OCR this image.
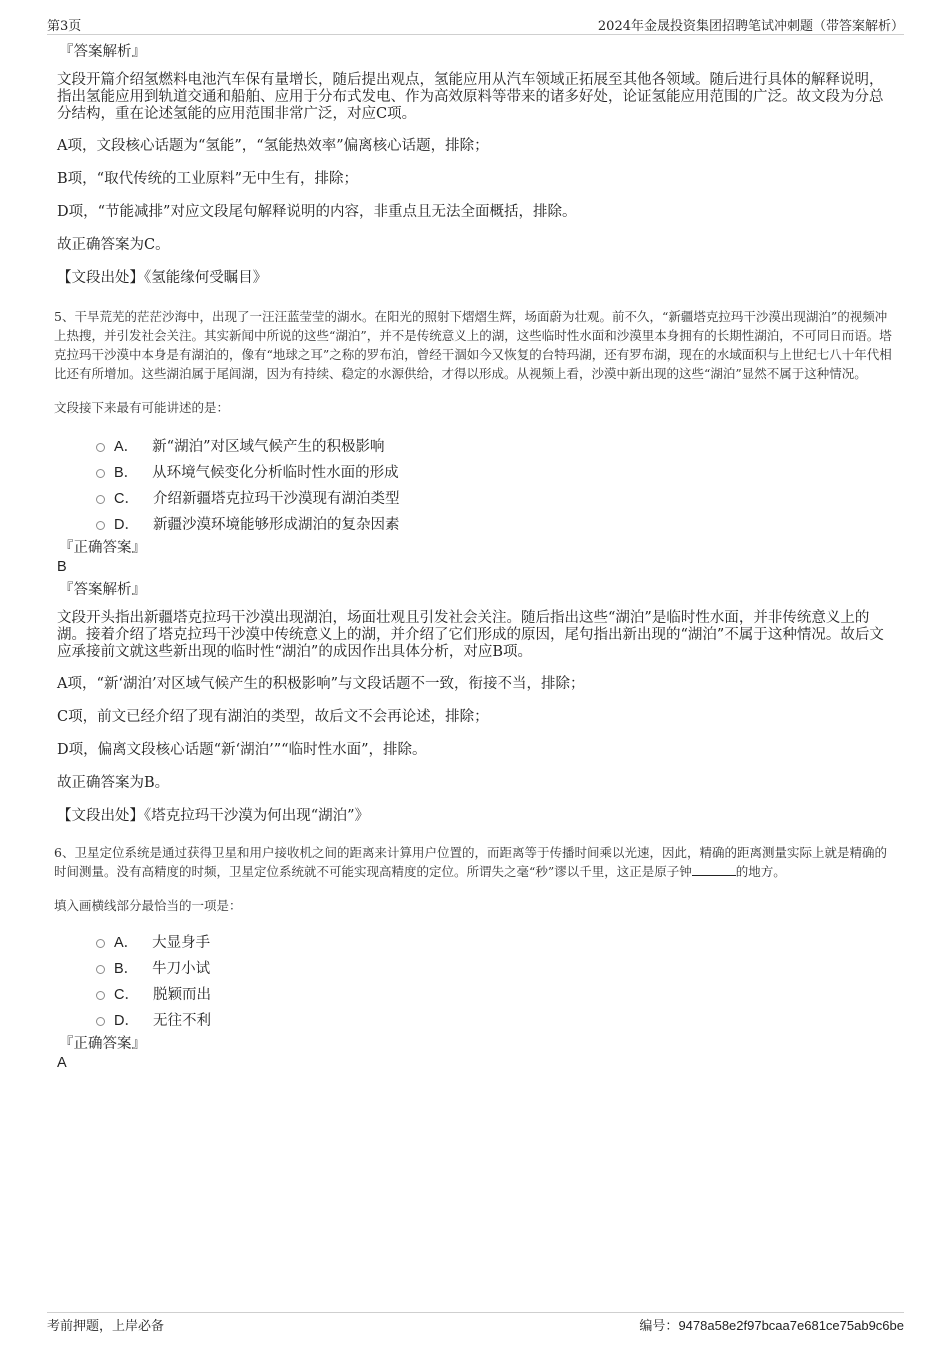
第3页	2024年金晟投资集团招聘笔试冲刺题（带答案解析）

『答案解析』

文段开篇介绍氢燃料电池汽车保有量增长，随后提出观点，氢能应用从汽车领域正拓展至其他各领域。随后进行具体的解释说明，指出氢能应用到轨道交通和船舶、应用于分布式发电、作为高效原料等带来的诸多好处，论证氢能应用范围的广泛。故文段为分总分结构，重在论述氢能的应用范围非常广泛，对应C项。

A项，文段核心话题为“氢能”，“氢能热效率”偏离核心话题，排除；

B项，“取代传统的工业原料”无中生有，排除；

D项，“节能减排”对应文段尾句解释说明的内容，非重点且无法全面概括，排除。

故正确答案为C。

【文段出处】《氢能缘何受瞩目》

5、干旱荒芜的茫茫沙海中，出现了一汪汪蓝莹莹的湖水。在阳光的照射下熠熠生辉，场面蔚为壮观。前不久，“新疆塔克拉玛干沙漠出现湖泊”的视频冲上热搜，并引发社会关注。其实新闻中所说的这些“湖泊”，并不是传统意义上的湖，这些临时性水面和沙漠里本身拥有的长期性湖泊，不可同日而语。塔克拉玛干沙漠中本身是有湖泊的，像有“地球之耳”之称的罗布泊，曾经干涸如今又恢复的台特玛湖，还有罗布湖，现在的水域面积与上世纪七八十年代相比还有所增加。这些湖泊属于尾闾湖，因为有持续、稳定的水源供给，才得以形成。从视频上看，沙漠中新出现的这些“湖泊”显然不属于这种情况。

文段接下来最有可能讲述的是：

A． 新“湖泊”对区域气候产生的积极影响
B． 从环境气候变化分析临时性水面的形成
C． 介绍新疆塔克拉玛干沙漠现有湖泊类型
D． 新疆沙漠环境能够形成湖泊的复杂因素

『正确答案』

B

『答案解析』

文段开头指出新疆塔克拉玛干沙漠出现湖泊，场面壮观且引发社会关注。随后指出这些“湖泊”是临时性水面，并非传统意义上的湖。接着介绍了塔克拉玛干沙漠中传统意义上的湖，并介绍了它们形成的原因，尾句指出新出现的“湖泊”不属于这种情况。故后文应承接前文就这些新出现的临时性“湖泊”的成因作出具体分析，对应B项。

A项，“新‘湖泊’对区域气候产生的积极影响”与文段话题不一致，衔接不当，排除；

C项，前文已经介绍了现有湖泊的类型，故后文不会再论述，排除；

D项，偏离文段核心话题“新‘湖泊’”“临时性水面”，排除。

故正确答案为B。

【文段出处】《塔克拉玛干沙漠为何出现“湖泊”》

6、卫星定位系统是通过获得卫星和用户接收机之间的距离来计算用户位置的，而距离等于传播时间乘以光速，因此，精确的距离测量实际上就是精确的时间测量。没有高精度的时频，卫星定位系统就不可能实现高精度的定位。所谓失之毫“秒”谬以千里，这正是原子钟	的地方。

填入画横线部分最恰当的一项是：

A． 大显身手
B． 牛刀小试
C． 脱颖而出
D． 无往不利

『正确答案』

A

考前押题，上岸必备	编号：9478a58e2f97bcaa7e681ce75ab9c6be
